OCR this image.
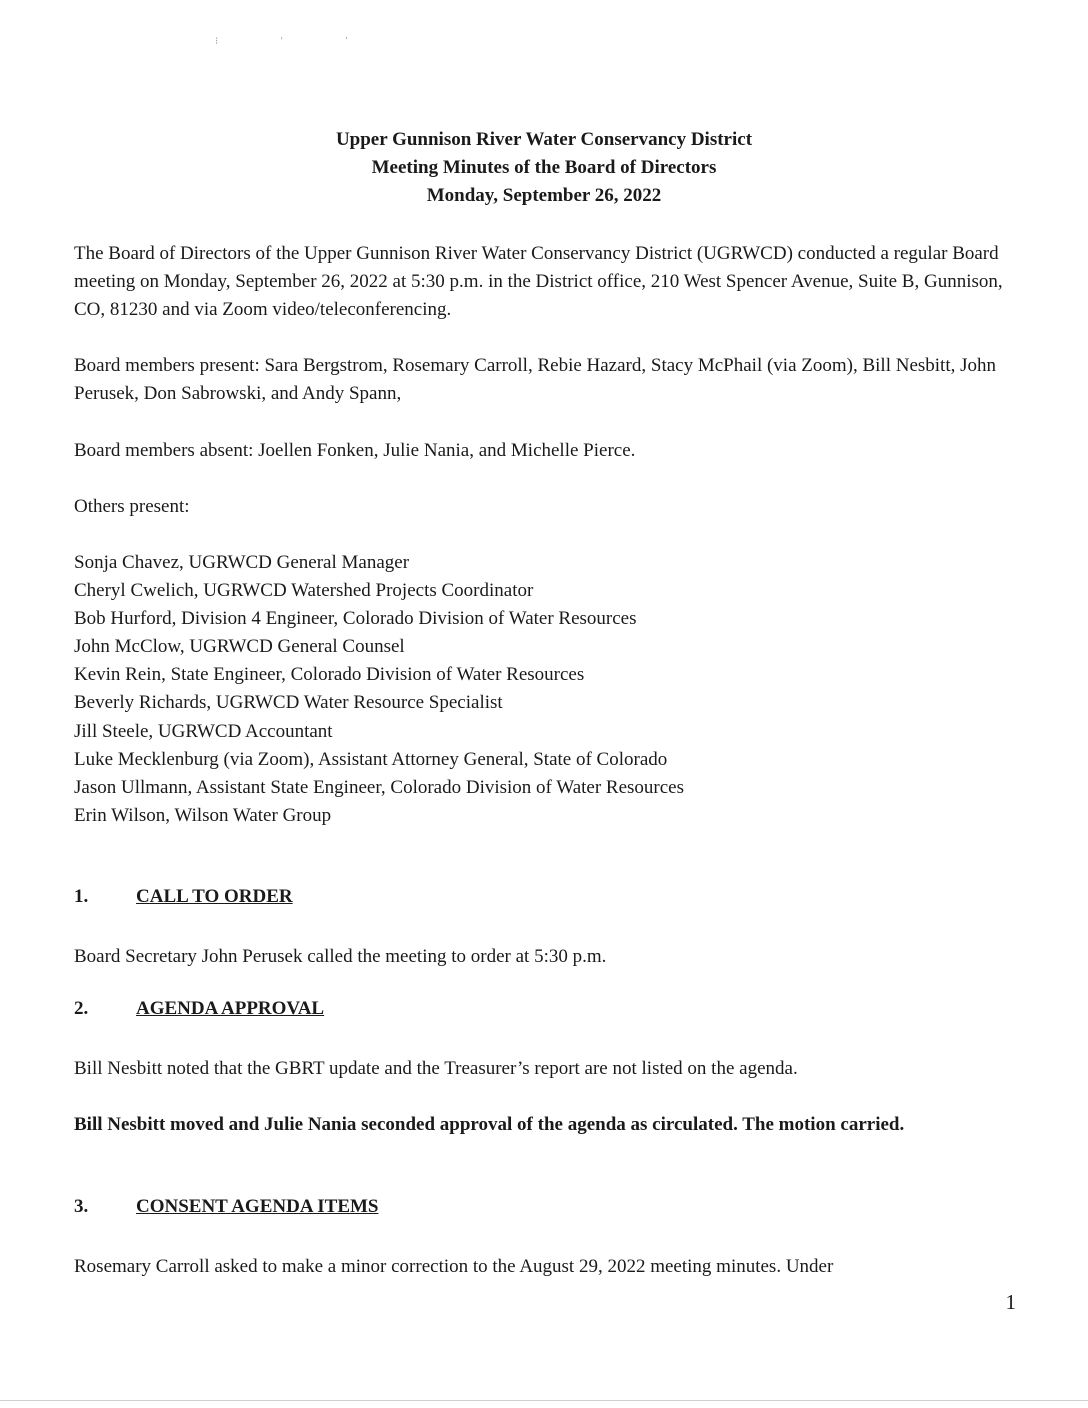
⁝ ′ ′
Upper Gunnison River Water Conservancy District
Meeting Minutes of the Board of Directors
Monday, September 26, 2022
The Board of Directors of the Upper Gunnison River Water Conservancy District (UGRWCD) conducted a regular Board meeting on Monday, September 26, 2022 at 5:30 p.m. in the District office, 210 West Spencer Avenue, Suite B, Gunnison, CO, 81230 and via Zoom video/teleconferencing.
Board members present: Sara Bergstrom, Rosemary Carroll, Rebie Hazard, Stacy McPhail (via Zoom), Bill Nesbitt, John Perusek, Don Sabrowski, and Andy Spann,
Board members absent: Joellen Fonken, Julie Nania, and Michelle Pierce.
Others present:
Sonja Chavez, UGRWCD General Manager
Cheryl Cwelich, UGRWCD Watershed Projects Coordinator
Bob Hurford, Division 4 Engineer, Colorado Division of Water Resources
John McClow, UGRWCD General Counsel
Kevin Rein, State Engineer, Colorado Division of Water Resources
Beverly Richards, UGRWCD Water Resource Specialist
Jill Steele, UGRWCD Accountant
Luke Mecklenburg (via Zoom), Assistant Attorney General, State of Colorado
Jason Ullmann, Assistant State Engineer, Colorado Division of Water Resources
Erin Wilson, Wilson Water Group
1.	CALL TO ORDER
Board Secretary John Perusek called the meeting to order at 5:30 p.m.
2.	AGENDA APPROVAL
Bill Nesbitt noted that the GBRT update and the Treasurer’s report are not listed on the agenda.
Bill Nesbitt moved and Julie Nania seconded approval of the agenda as circulated. The motion carried.
3.	CONSENT AGENDA ITEMS
Rosemary Carroll asked to make a minor correction to the August 29, 2022 meeting minutes. Under
1
